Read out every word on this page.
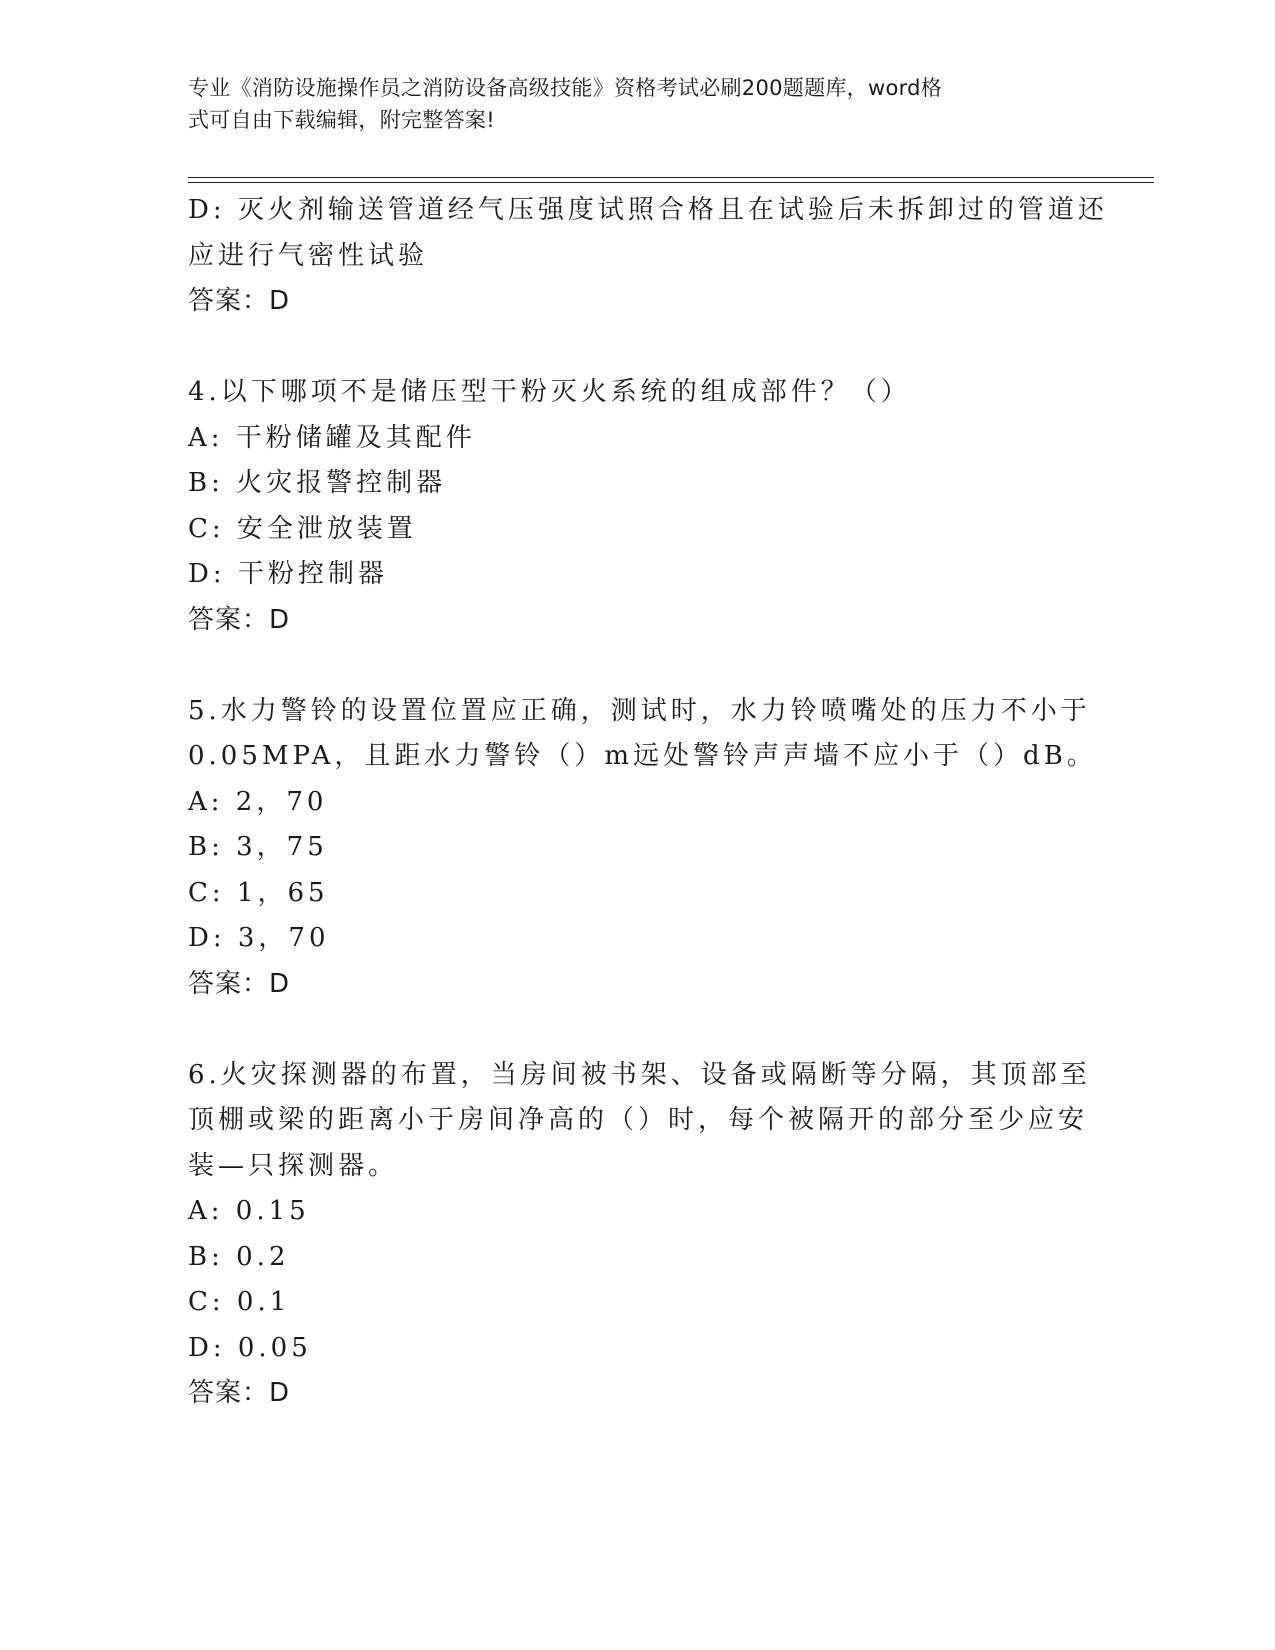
专业《消防设施操作员之消防设备高级技能》资格考试必刷200题题库，word格
式可自由下载编辑，附完整答案!
D: 灭火剂输送管道经气压强度试照合格且在试验后未拆卸过的管道还
应进行气密性试验
答案：D
4.以下哪项不是储压型干粉灭火系统的组成部件？（）
A: 干粉储罐及其配件
B: 火灾报警控制器
C: 安全泄放装置
D: 干粉控制器
答案：D
5.水力警铃的设置位置应正确，测试时，水力铃喷嘴处的压力不小于
0.05MPA，且距水力警铃（）m远处警铃声声墙不应小于（）dB。
A: 2，70
B: 3，75
C: 1，65
D: 3，70
答案：D
6.火灾探测器的布置，当房间被书架、设备或隔断等分隔，其顶部至
顶棚或梁的距离小于房间净高的（）时，每个被隔开的部分至少应安
装—只探测器。
A: 0.15
B: 0.2
C: 0.1
D: 0.05
答案：D
